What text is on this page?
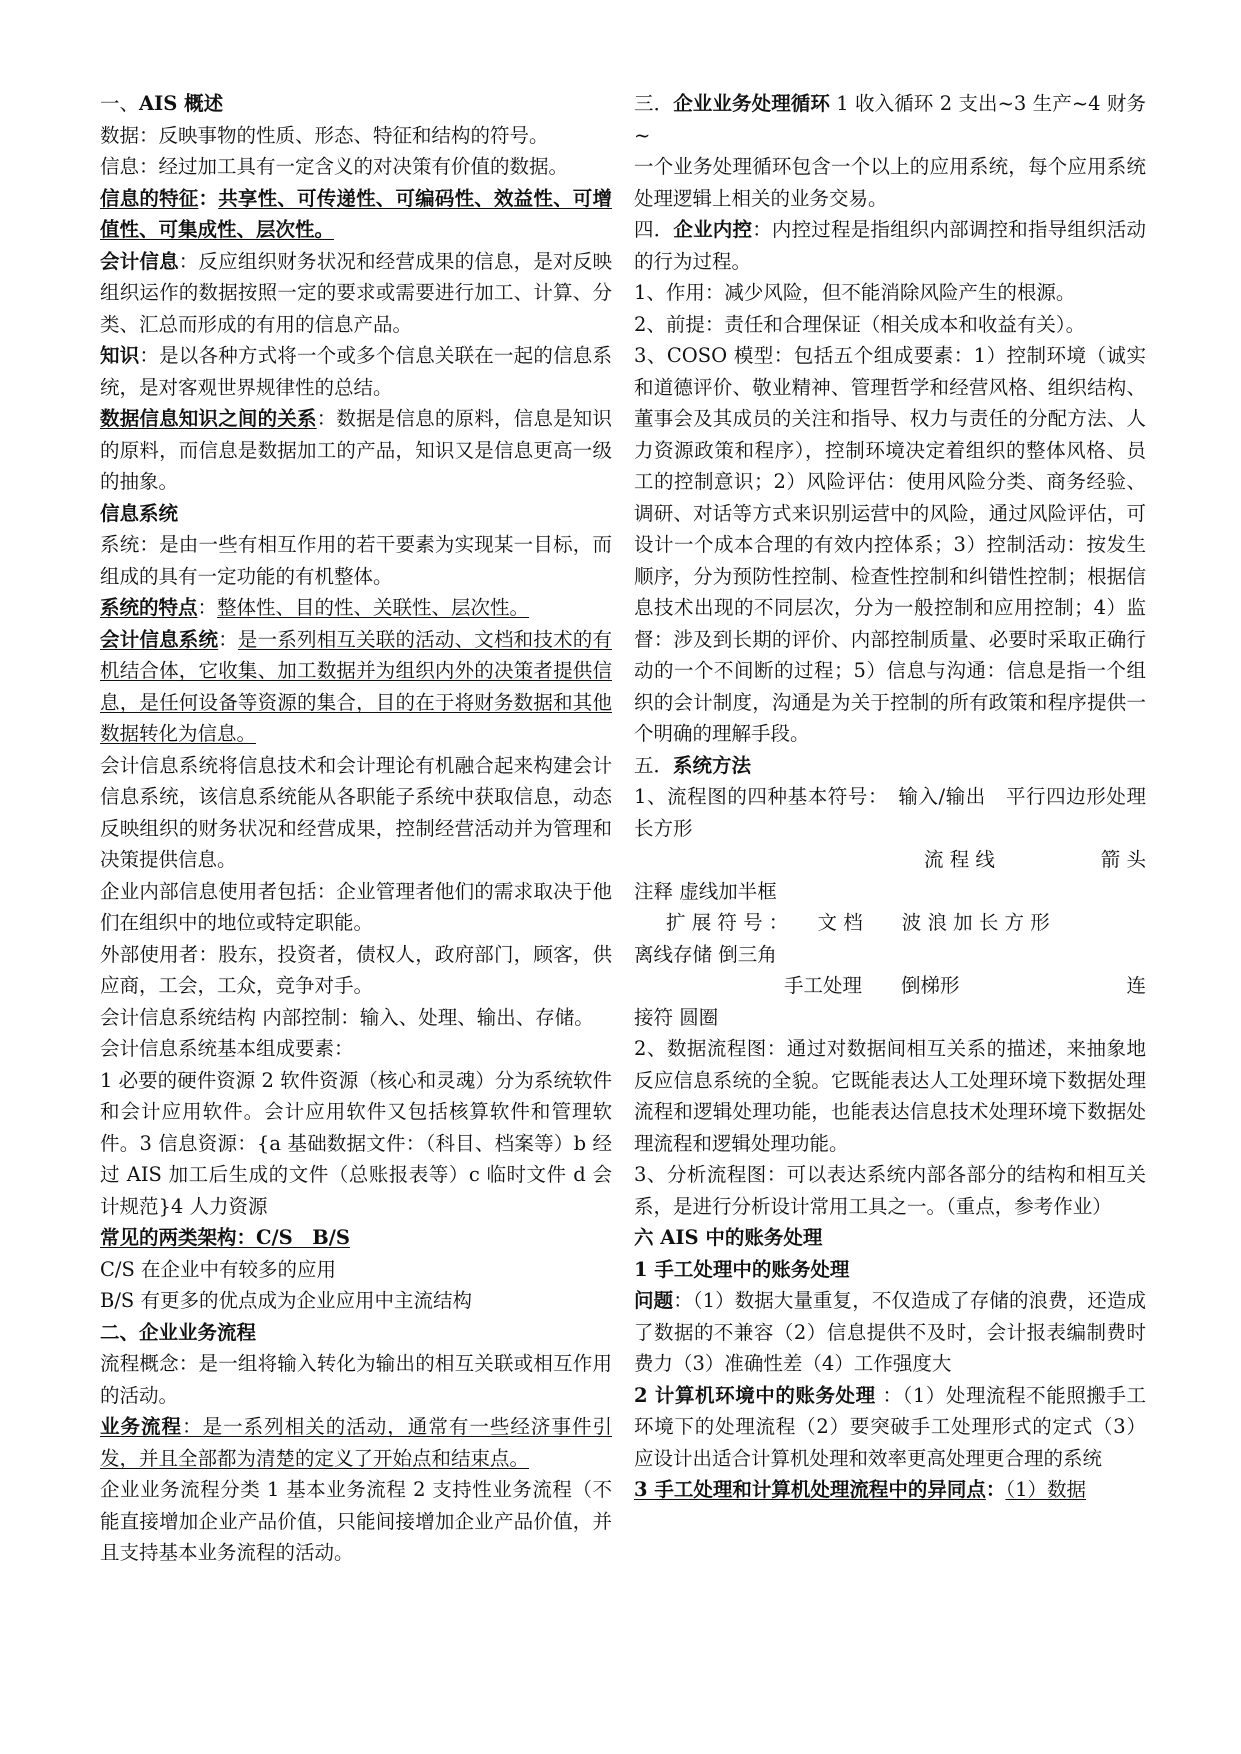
一、AIS 概述

数据：反映事物的性质、形态、特征和结构的符号。

信息：经过加工具有一定含义的对决策有价值的数据。

信息的特征：共享性、可传递性、可编码性、效益性、可增值性、可集成性、层次性。

会计信息：反应组织财务状况和经营成果的信息，是对反映组织运作的数据按照一定的要求或需要进行加工、计算、分类、汇总而形成的有用的信息产品。

知识：是以各种方式将一个或多个信息关联在一起的信息系统，是对客观世界规律性的总结。

数据信息知识之间的关系：数据是信息的原料，信息是知识的原料，而信息是数据加工的产品，知识又是信息更高一级的抽象。

信息系统

系统：是由一些有相互作用的若干要素为实现某一目标，而组成的具有一定功能的有机整体。

系统的特点：整体性、目的性、关联性、层次性。

会计信息系统：是一系列相互关联的活动、文档和技术的有机结合体，它收集、加工数据并为组织内外的决策者提供信息，是任何设备等资源的集合，目的在于将财务数据和其他数据转化为信息。

会计信息系统将信息技术和会计理论有机融合起来构建会计信息系统，该信息系统能从各职能子系统中获取信息，动态反映组织的财务状况和经营成果，控制经营活动并为管理和决策提供信息。

企业内部信息使用者包括：企业管理者他们的需求取决于他们在组织中的地位或特定职能。

外部使用者：股东，投资者，债权人，政府部门，顾客，供应商，工会，工众，竞争对手。

会计信息系统结构 内部控制：输入、处理、输出、存储。

会计信息系统基本组成要素：

1 必要的硬件资源 2 软件资源（核心和灵魂）分为系统软件和会计应用软件。会计应用软件又包括核算软件和管理软件。3 信息资源：{a 基础数据文件：（科目、档案等）b 经过 AIS 加工后生成的文件（总账报表等）c 临时文件 d 会计规范}4 人力资源

常见的两类架构：C/S　B/S

C/S 在企业中有较多的应用

B/S 有更多的优点成为企业应用中主流结构

二、企业业务流程

流程概念：是一组将输入转化为输出的相互关联或相互作用的活动。

业务流程：是一系列相关的活动，通常有一些经济事件引发，并且全部都为清楚的定义了开始点和结束点。

企业业务流程分类 1 基本业务流程 2 支持性业务流程（不能直接增加企业产品价值，只能间接增加企业产品价值，并且支持基本业务流程的活动。

三．企业业务处理循环 1 收入循环 2 支出~3 生产~4 财务~

一个业务处理循环包含一个以上的应用系统，每个应用系统处理逻辑上相关的业务交易。

四．企业内控：内控过程是指组织内部调控和指导组织活动的行为过程。

1、作用：减少风险，但不能消除风险产生的根源。

2、前提：责任和合理保证（相关成本和收益有关）。

3、COSO 模型：包括五个组成要素：1）控制环境（诚实和道德评价、敬业精神、管理哲学和经营风格、组织结构、董事会及其成员的关注和指导、权力与责任的分配方法、人力资源政策和程序），控制环境决定着组织的整体风格、员工的控制意识；2）风险评估：使用风险分类、商务经验、调研、对话等方式来识别运营中的风险，通过风险评估，可设计一个成本合理的有效内控体系；3）控制活动：按发生顺序，分为预防性控制、检查性控制和纠错性控制；根据信息技术出现的不同层次，分为一般控制和应用控制；4）监督：涉及到长期的评价、内部控制质量、必要时采取正确行动的一个不间断的过程；5）信息与沟通：信息是指一个组织的会计制度，沟通是为关于控制的所有政策和程序提供一个明确的理解手段。

五．系统方法

1、流程图的四种基本符号：　输入/输出　平行四边形处理 长方形

流 程 线	箭 头

注释 虚线加半框

扩 展 符 号 ：　　文 档　　波 浪 加 长 方 形

离线存储 倒三角

手工处理　　倒梯形	连

接符 圆圈

2、数据流程图：通过对数据间相互关系的描述，来抽象地反应信息系统的全貌。它既能表达人工处理环境下数据处理流程和逻辑处理功能，也能表达信息技术处理环境下数据处理流程和逻辑处理功能。

3、分析流程图：可以表达系统内部各部分的结构和相互关系，是进行分析设计常用工具之一。（重点，参考作业）

六 AIS 中的账务处理

1 手工处理中的账务处理

问题：（1）数据大量重复，不仅造成了存储的浪费，还造成了数据的不兼容（2）信息提供不及时，会计报表编制费时费力（3）准确性差（4）工作强度大

2 计算机环境中的账务处理 ：（1）处理流程不能照搬手工环境下的处理流程（2）要突破手工处理形式的定式（3）应设计出适合计算机处理和效率更高处理更合理的系统

3 手工处理和计算机处理流程中的异同点：（1）数据
